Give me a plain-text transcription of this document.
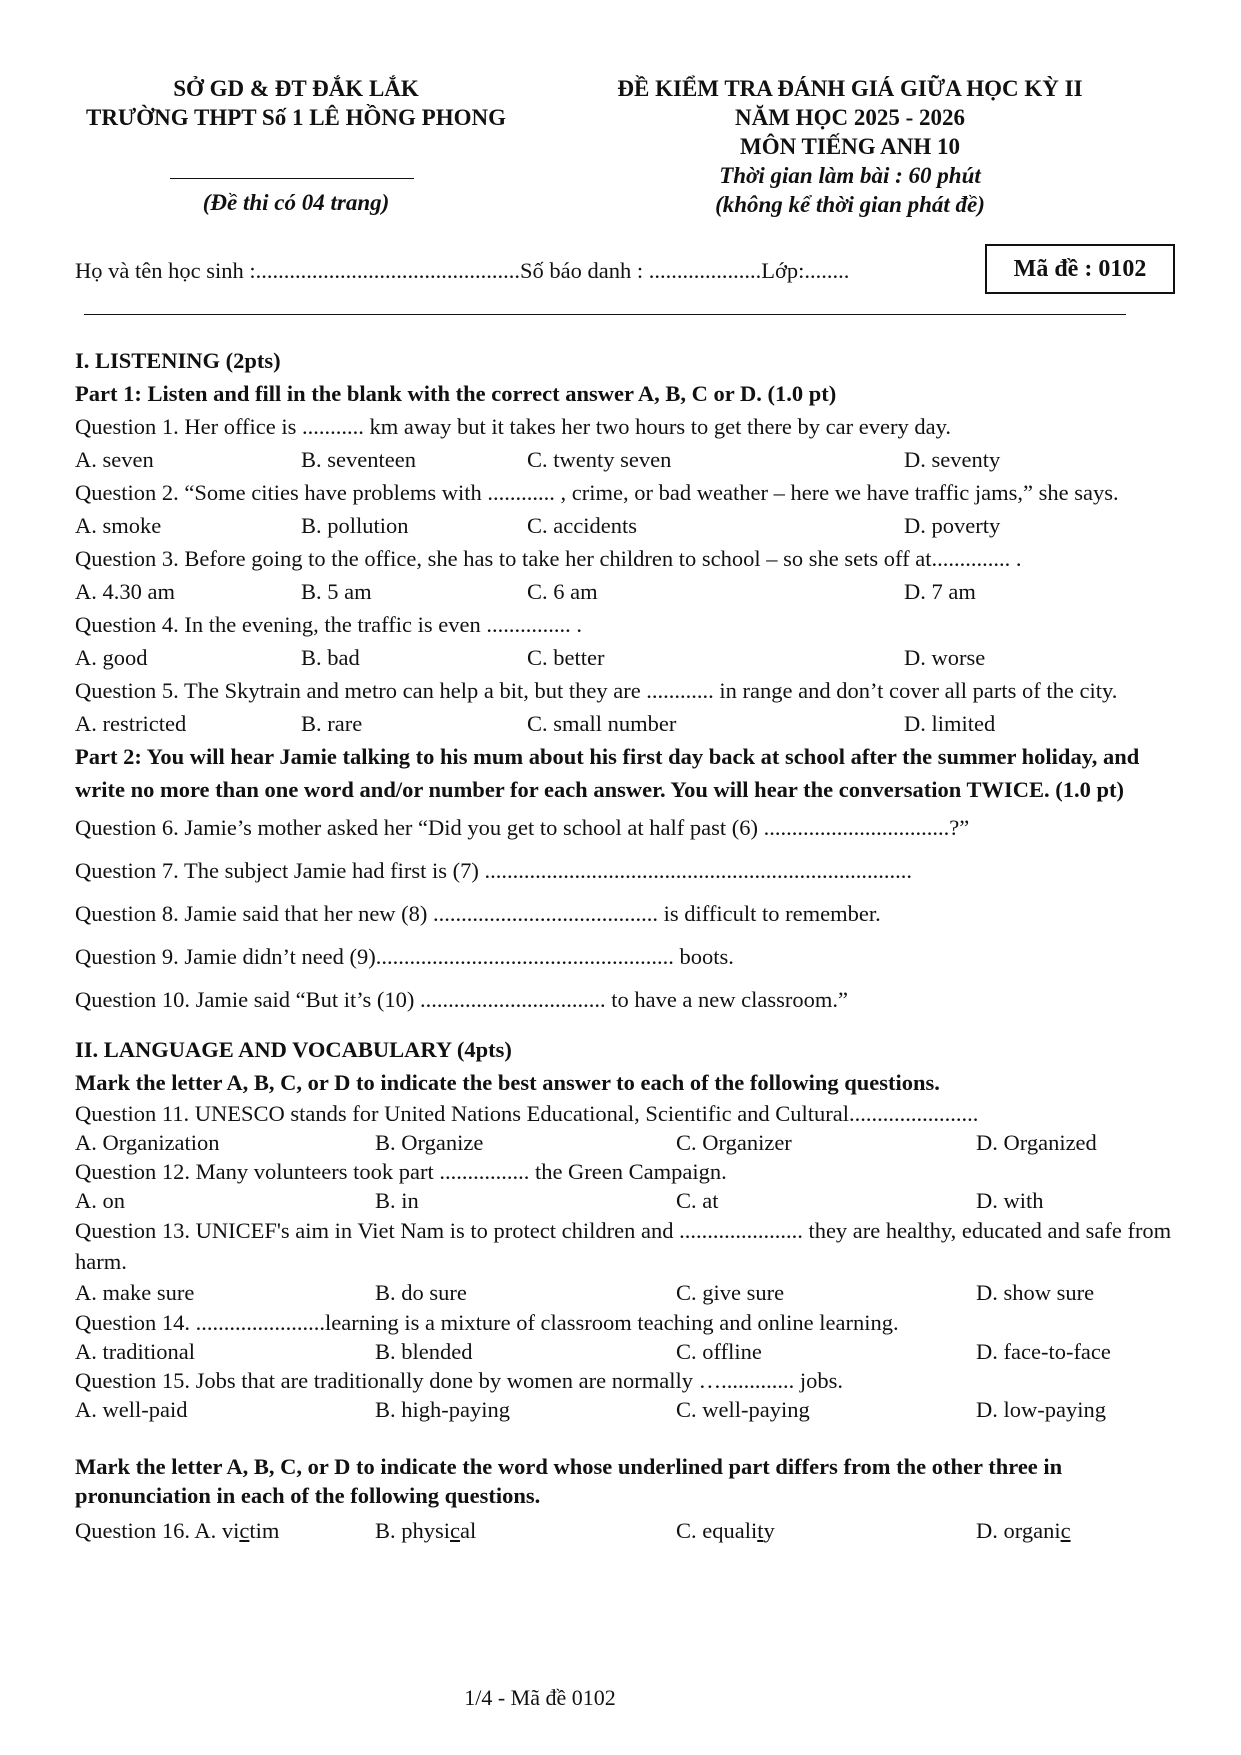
SỞ GD & ĐT ĐẮK LẮK
TRƯỜNG THPT Số 1 LÊ HỒNG PHONG
(Đề thi có 04 trang)
ĐỀ KIỂM TRA ĐÁNH GIÁ GIỮA HỌC KỲ II
NĂM HỌC 2025 - 2026
MÔN TIẾNG ANH 10
Thời gian làm bài : 60 phút
(không kể thời gian phát đề)
Họ và tên học sinh :...............................................Số báo danh : ....................Lớp:........	Mã đề : 0102
I. LISTENING (2pts)
Part 1: Listen and fill in the blank with the correct answer A, B, C or D. (1.0 pt)
Question 1. Her office is ........... km away but it takes her two hours to get there by car every day.
A. seven	B. seventeen	C. twenty seven	D. seventy
Question 2. “Some cities have problems with ............ , crime, or bad weather – here we have traffic jams,” she says.
A. smoke	B. pollution	C. accidents	D. poverty
Question 3. Before going to the office, she has to take her children to school – so she sets off at.............. .
A. 4.30 am	B. 5 am	C. 6 am	D. 7 am
Question 4. In the evening, the traffic is even ............... .
A. good	B. bad	C. better	D. worse
Question 5. The Skytrain and metro can help a bit, but they are ............ in range and don’t cover all parts of the city.
A. restricted	B. rare	C. small number	D. limited
Part 2: You will hear Jamie talking to his mum about his first day back at school after the summer holiday, and write no more than one word and/or number for each answer. You will hear the conversation TWICE. (1.0 pt)
Question 6. Jamie’s mother asked her “Did you get to school at half past (6) .................................?”
Question 7. The subject Jamie had first is (7) ............................................................................
Question 8. Jamie said that her new (8) ........................................ is difficult to remember.
Question 9. Jamie didn’t need (9)..................................................... boots.
Question 10. Jamie said “But it’s (10) ................................. to have a new classroom.”
II. LANGUAGE AND VOCABULARY (4pts)
Mark the letter A, B, C, or D to indicate the best answer to each of the following questions.
Question 11. UNESCO stands for United Nations Educational, Scientific and Cultural.......................
A. Organization	B. Organize	C. Organizer	D. Organized
Question 12. Many volunteers took part ................ the Green Campaign.
A. on	B. in	C. at	D. with
Question 13. UNICEF's aim in Viet Nam is to protect children and ...................... they are healthy, educated and safe from harm.
A. make sure	B. do sure	C. give sure	D. show sure
Question 14. .......................learning is a mixture of classroom teaching and online learning.
A. traditional	B. blended	C. offline	D. face-to-face
Question 15. Jobs that are traditionally done by women are normally …............. jobs.
A. well-paid	B. high-paying	C. well-paying	D. low-paying
Mark the letter A, B, C, or D to indicate the word whose underlined part differs from the other three in pronunciation in each of the following questions.
Question 16. A. victim	B. physical	C. equality	D. organic
1/4 - Mã đề 0102
